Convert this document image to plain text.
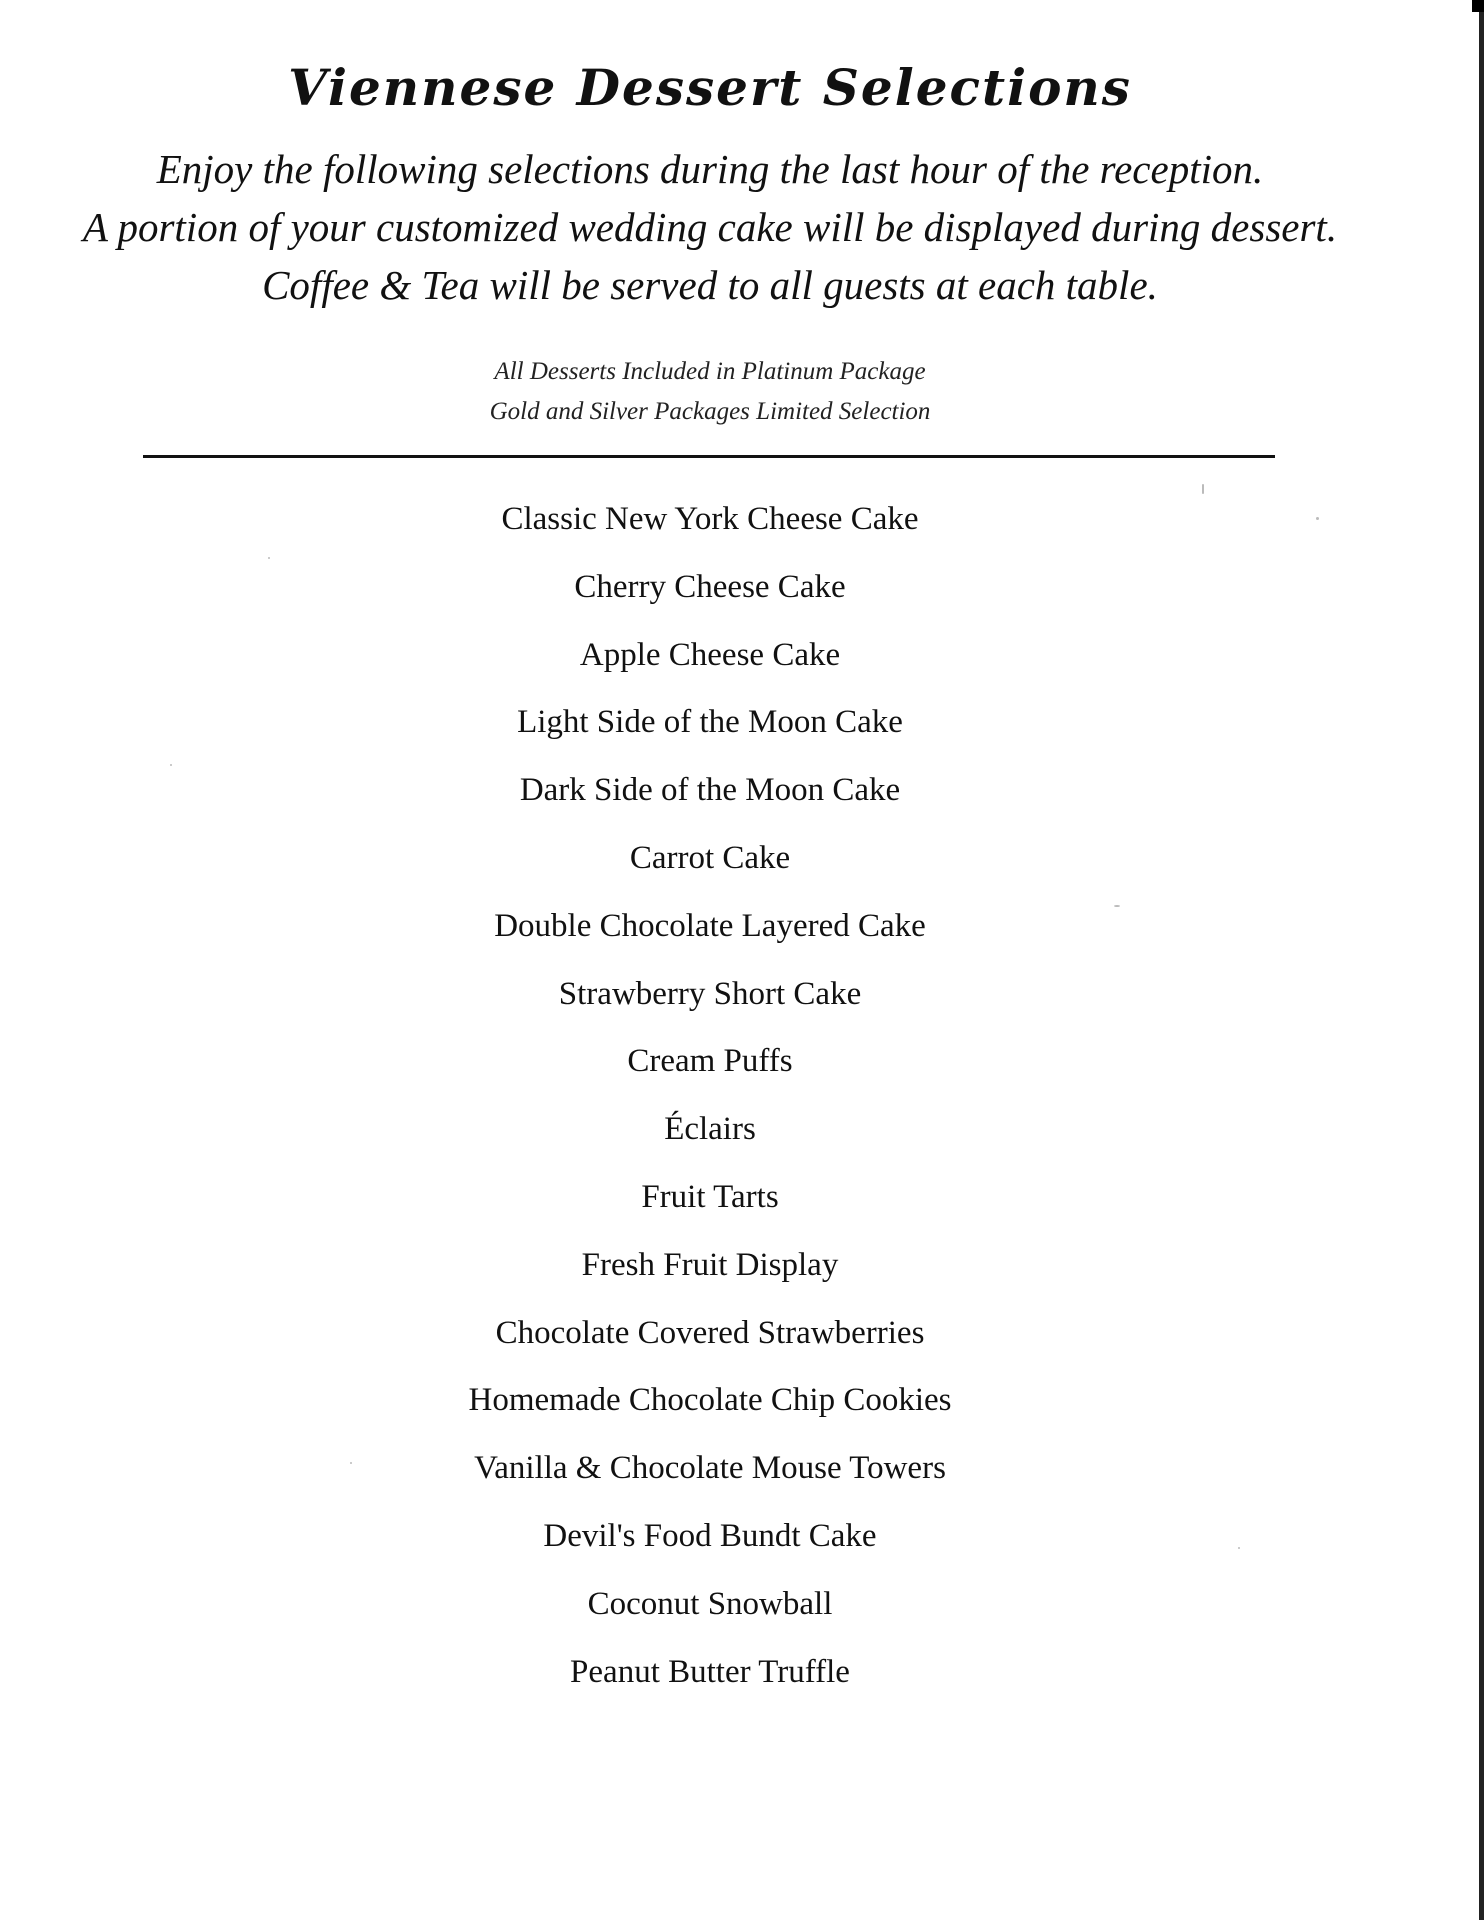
Viennese Dessert Selections
Enjoy the following selections during the last hour of the reception.
A portion of your customized wedding cake will be displayed during dessert.
Coffee & Tea will be served to all guests at each table.
All Desserts Included in Platinum Package
Gold and Silver Packages Limited Selection
Classic New York Cheese Cake
Cherry Cheese Cake
Apple Cheese Cake
Light Side of the Moon Cake
Dark Side of the Moon Cake
Carrot Cake
Double Chocolate Layered Cake
Strawberry Short Cake
Cream Puffs
Éclairs
Fruit Tarts
Fresh Fruit Display
Chocolate Covered Strawberries
Homemade Chocolate Chip Cookies
Vanilla & Chocolate Mouse Towers
Devil's Food Bundt Cake
Coconut Snowball
Peanut Butter Truffle
